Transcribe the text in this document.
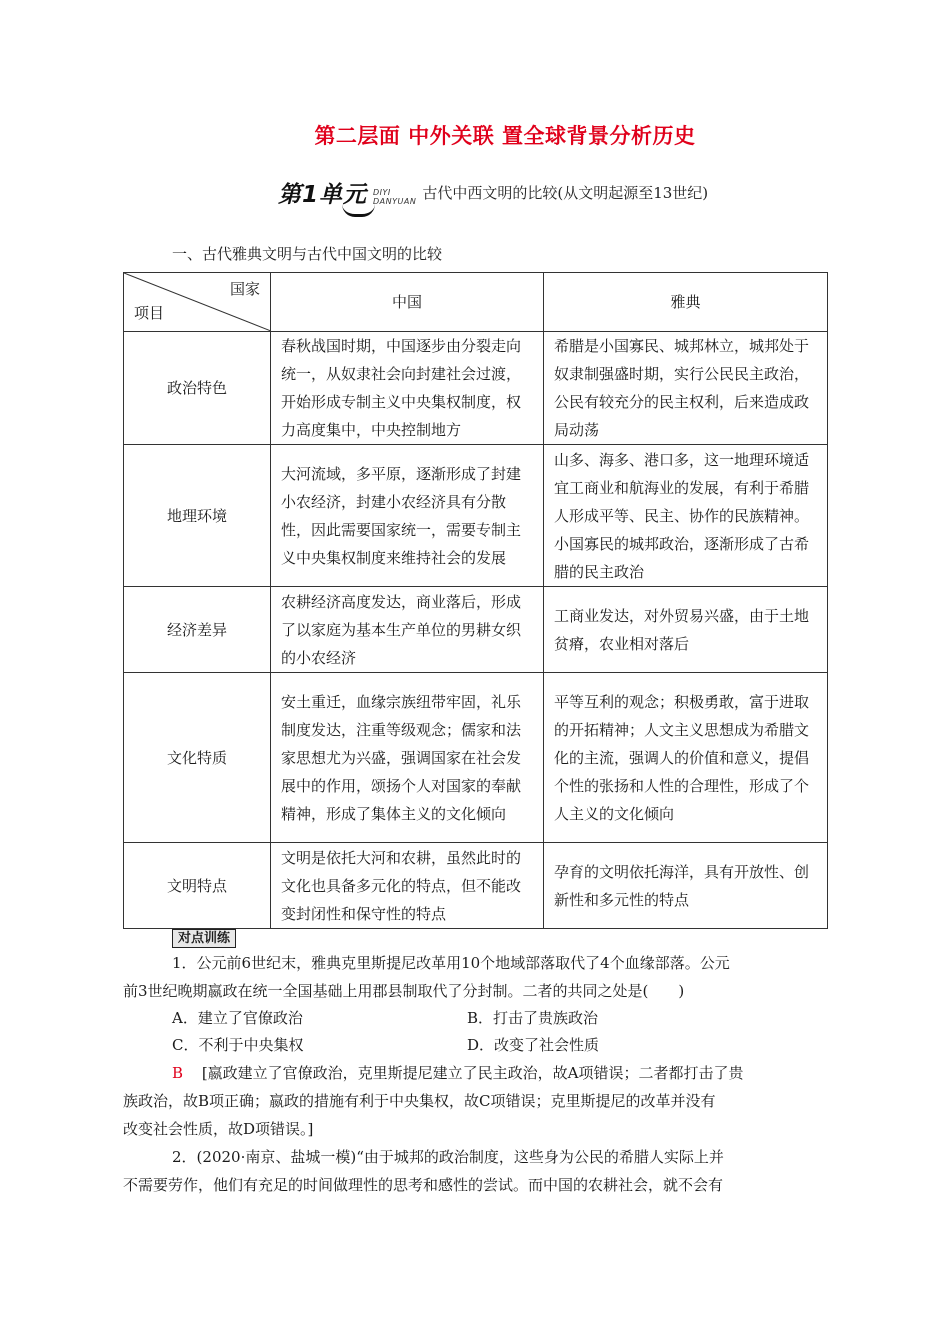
第二层面 中外关联 置全球背景分析历史
第1单元 DIYI
DANYUAN 古代中西文明的比较(从文明起源至13世纪)
一、古代雅典文明与古代中国文明的比较
国家
项目	中国	雅典
政治特色	春秋战国时期，中国逐步由分裂走向统一，从奴隶社会向封建社会过渡，开始形成专制主义中央集权制度，权力高度集中，中央控制地方	希腊是小国寡民、城邦林立，城邦处于奴隶制强盛时期，实行公民民主政治，公民有较充分的民主权利，后来造成政局动荡
地理环境	大河流域，多平原，逐渐形成了封建小农经济，封建小农经济具有分散性，因此需要国家统一，需要专制主义中央集权制度来维持社会的发展	山多、海多、港口多，这一地理环境适宜工商业和航海业的发展，有利于希腊人形成平等、民主、协作的民族精神。小国寡民的城邦政治，逐渐形成了古希腊的民主政治
经济差异	农耕经济高度发达，商业落后，形成了以家庭为基本生产单位的男耕女织的小农经济	工商业发达，对外贸易兴盛，由于土地贫瘠，农业相对落后
文化特质	安土重迁，血缘宗族纽带牢固，礼乐制度发达，注重等级观念；儒家和法家思想尤为兴盛，强调国家在社会发展中的作用，颂扬个人对国家的奉献精神，形成了集体主义的文化倾向	平等互利的观念；积极勇敢，富于进取的开拓精神；人文主义思想成为希腊文化的主流，强调人的价值和意义，提倡个性的张扬和人性的合理性，形成了个人主义的文化倾向
文明特点	文明是依托大河和农耕，虽然此时的文化也具备多元化的特点，但不能改变封闭性和保守性的特点	孕育的文明依托海洋，具有开放性、创新性和多元性的特点
对点训练
1．公元前6世纪末，雅典克里斯提尼改革用10个地域部落取代了4个血缘部落。公元
前3世纪晚期嬴政在统一全国基础上用郡县制取代了分封制。二者的共同之处是(　　)
A．建立了官僚政治	B．打击了贵族政治
C．不利于中央集权	D．改变了社会性质
B [嬴政建立了官僚政治，克里斯提尼建立了民主政治，故A项错误；二者都打击了贵
族政治，故B项正确；嬴政的措施有利于中央集权，故C项错误；克里斯提尼的改革并没有
改变社会性质，故D项错误。]
2．(2020·南京、盐城一模)“由于城邦的政治制度，这些身为公民的希腊人实际上并
不需要劳作，他们有充足的时间做理性的思考和感性的尝试。而中国的农耕社会，就不会有
